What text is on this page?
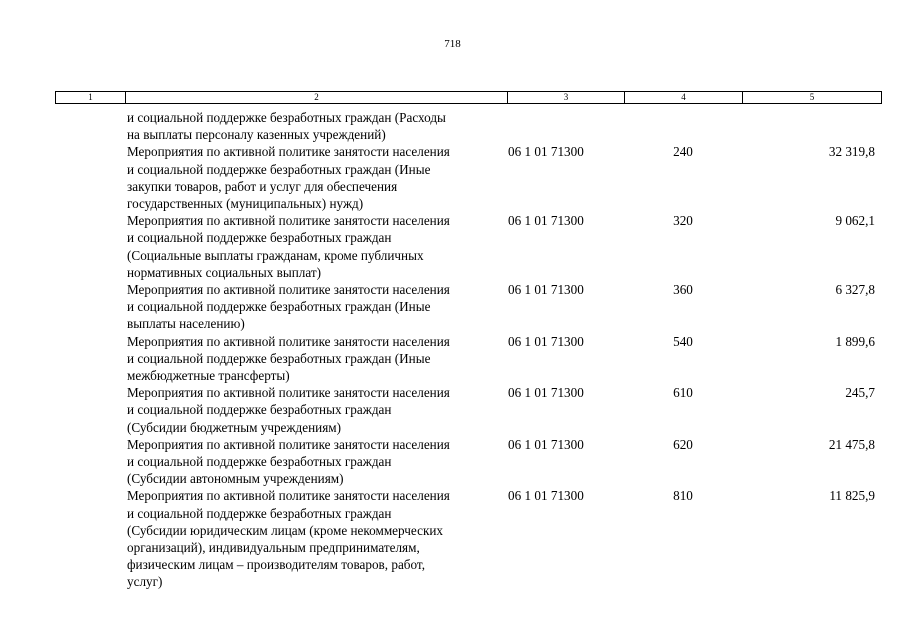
718
1	2	3	4	5
и социальной поддержке безработных граждан (Расходы
на выплаты персоналу казенных учреждений)
Мероприятия по активной политике занятости населения
и социальной поддержке безработных граждан (Иные
закупки товаров, работ и услуг для обеспечения
государственных (муниципальных) нужд)
06 1 01 71300	240	32 319,8
Мероприятия по активной политике занятости населения
и социальной поддержке безработных граждан
(Социальные выплаты гражданам, кроме публичных
нормативных социальных выплат)
06 1 01 71300	320	9 062,1
Мероприятия по активной политике занятости населения
и социальной поддержке безработных граждан (Иные
выплаты населению)
06 1 01 71300	360	6 327,8
Мероприятия по активной политике занятости населения
и социальной поддержке безработных граждан (Иные
межбюджетные трансферты)
06 1 01 71300	540	1 899,6
Мероприятия по активной политике занятости населения
и социальной поддержке безработных граждан
(Субсидии бюджетным учреждениям)
06 1 01 71300	610	245,7
Мероприятия по активной политике занятости населения
и социальной поддержке безработных граждан
(Субсидии автономным учреждениям)
06 1 01 71300	620	21 475,8
Мероприятия по активной политике занятости населения
и социальной поддержке безработных граждан
(Субсидии юридическим лицам (кроме некоммерческих
организаций), индивидуальным предпринимателям,
физическим лицам – производителям товаров, работ,
услуг)
06 1 01 71300	810	11 825,9
